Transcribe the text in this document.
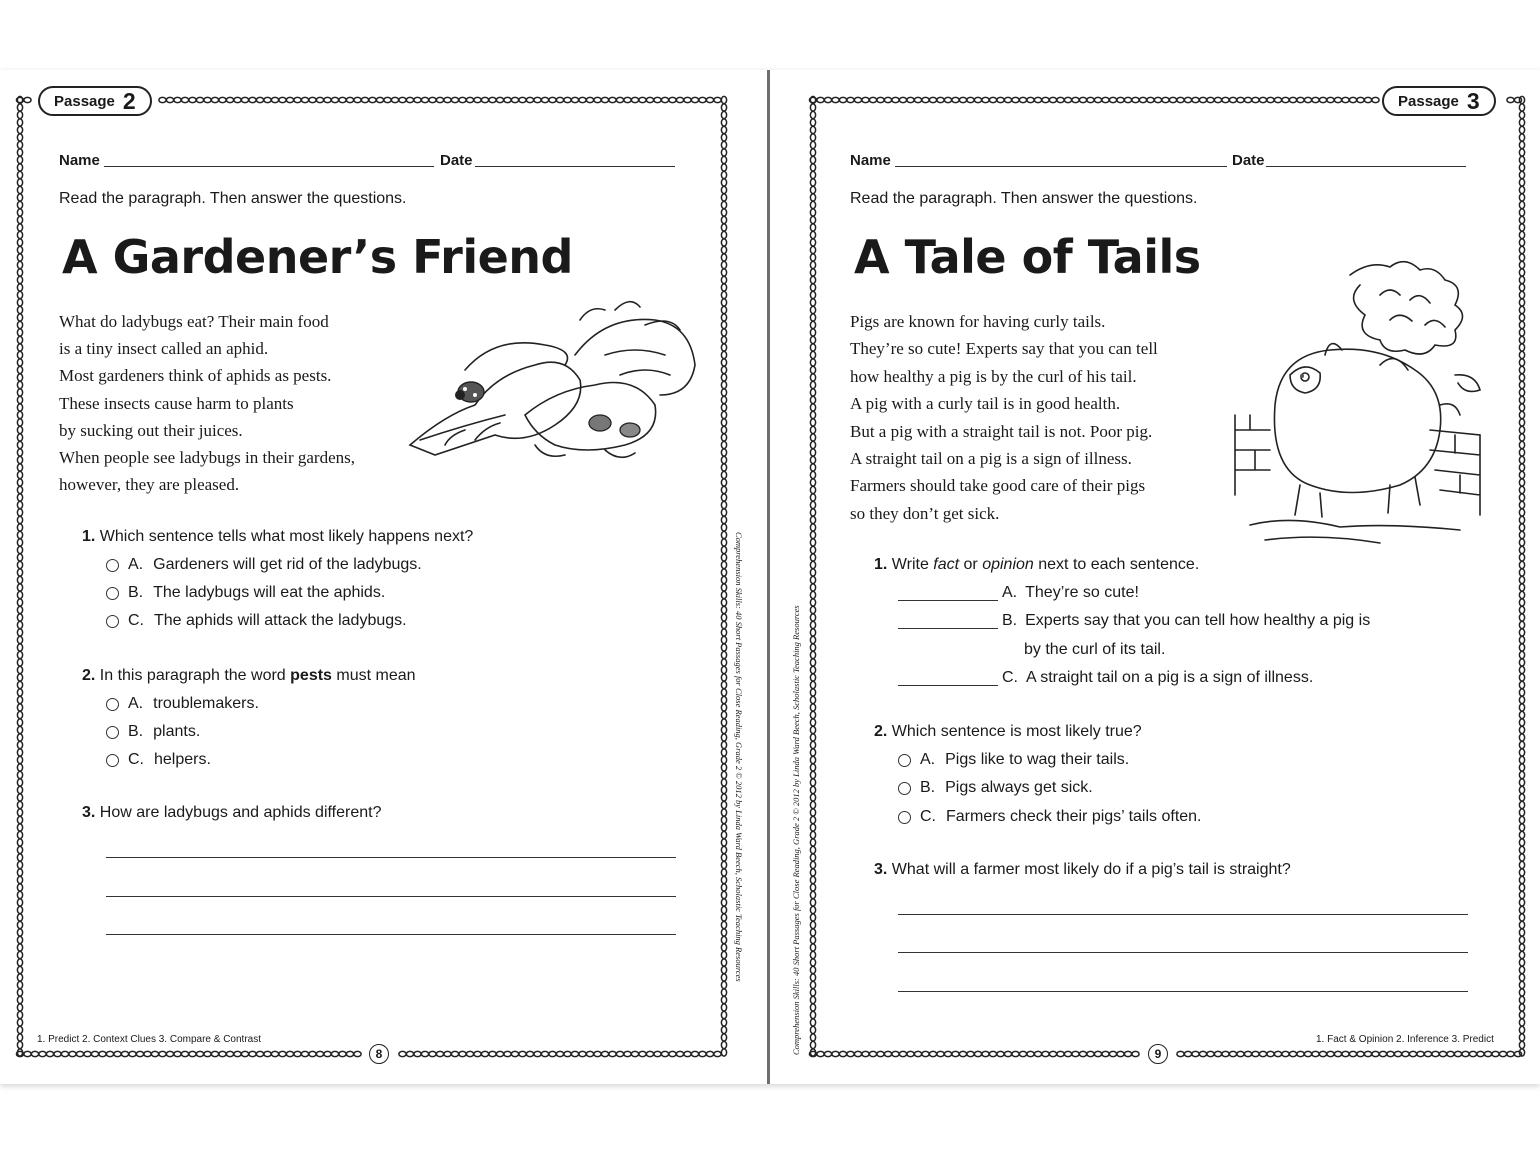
Passage 2
Name	Date
Read the paragraph. Then answer the questions.
A Gardener’s Friend
What do ladybugs eat? Their main food
is a tiny insect called an aphid.
Most gardeners think of aphids as pests.
These insects cause harm to plants
by sucking out their juices.
When people see ladybugs in their gardens,
however, they are pleased.
1. Which sentence tells what most likely happens next?
A. Gardeners will get rid of the ladybugs.
B. The ladybugs will eat the aphids.
C. The aphids will attack the ladybugs.
2. In this paragraph the word pests must mean
A. troublemakers.
B. plants.
C. helpers.
3. How are ladybugs and aphids different?
1. Predict 2. Context Clues 3. Compare & Contrast
8
Comprehension Skills: 40 Short Passages for Close Reading, Grade 2 © 2012 by Linda Ward Beech, Scholastic Teaching Resources
Passage 3
Name	Date
Read the paragraph. Then answer the questions.
A Tale of Tails
Pigs are known for having curly tails.
They’re so cute! Experts say that you can tell
how healthy a pig is by the curl of his tail.
A pig with a curly tail is in good health.
But a pig with a straight tail is not. Poor pig.
A straight tail on a pig is a sign of illness.
Farmers should take good care of their pigs
so they don’t get sick.
1. Write fact or opinion next to each sentence.
A. They’re so cute!
B. Experts say that you can tell how healthy a pig is
by the curl of its tail.
C. A straight tail on a pig is a sign of illness.
2. Which sentence is most likely true?
A. Pigs like to wag their tails.
B. Pigs always get sick.
C. Farmers check their pigs’ tails often.
3. What will a farmer most likely do if a pig’s tail is straight?
1. Fact & Opinion 2. Inference 3. Predict
9
Comprehension Skills: 40 Short Passages for Close Reading, Grade 2 © 2012 by Linda Ward Beech, Scholastic Teaching Resources
